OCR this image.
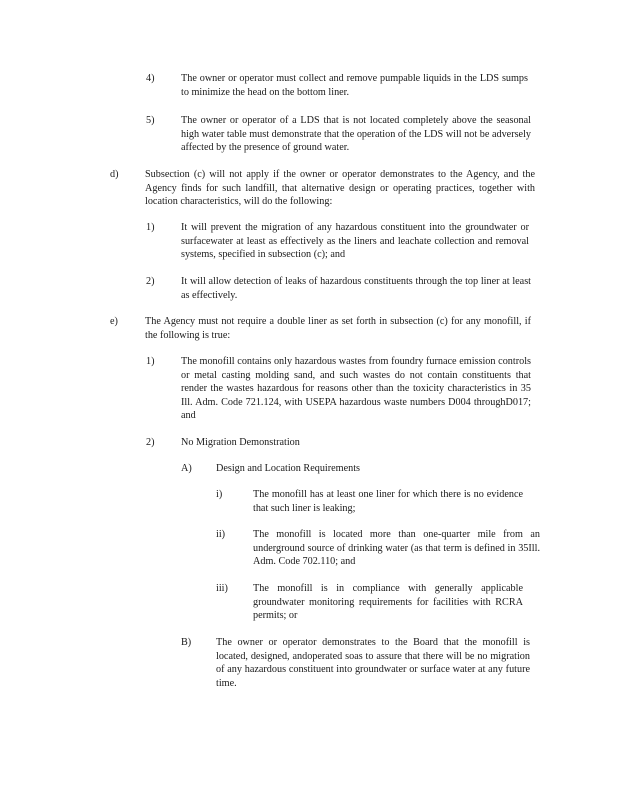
4)	The owner or operator must collect and remove pumpable liquids in the LDS sumps to minimize the head on the bottom liner.

5)	The owner or operator of a LDS that is not located completely above the seasonal high water table must demonstrate that the operation of the LDS will not be adversely affected by the presence of ground water.

d)	Subsection (c) will not apply if the owner or operator demonstrates to the Agency, and the Agency finds for such landfill, that alternative design or operating practices, together with location characteristics, will do the following:

1)	It will prevent the migration of any hazardous constituent into the groundwater or surfacewater at least as effectively as the liners and leachate collection and removal systems, specified in subsection (c); and

2)	It will allow detection of leaks of hazardous constituents through the top liner at least as effectively.

e)	The Agency must not require a double liner as set forth in subsection (c) for any monofill, if the following is true:

1)	The monofill contains only hazardous wastes from foundry furnace emission controls or metal casting molding sand, and such wastes do not contain constituents that render the wastes hazardous for reasons other than the toxicity characteristics in 35 Ill. Adm. Code 721.124, with USEPA hazardous waste numbers D004 throughD017; and

2)	No Migration Demonstration

A) Design and Location Requirements

i)	The monofill has at least one liner for which there is no evidence that such liner is leaking;

ii)	The monofill is located more than one-quarter mile from an underground source of drinking water (as that term is defined in 35Ill. Adm. Code 702.110; and

iii) The monofill is in compliance with generally applicable groundwater monitoring requirements for facilities with RCRA permits; or

B) The owner or operator demonstrates to the Board that the monofill is located, designed, andoperated soas to assure that there will be no migration of any hazardous constituent into groundwater or surface water at any future time.
